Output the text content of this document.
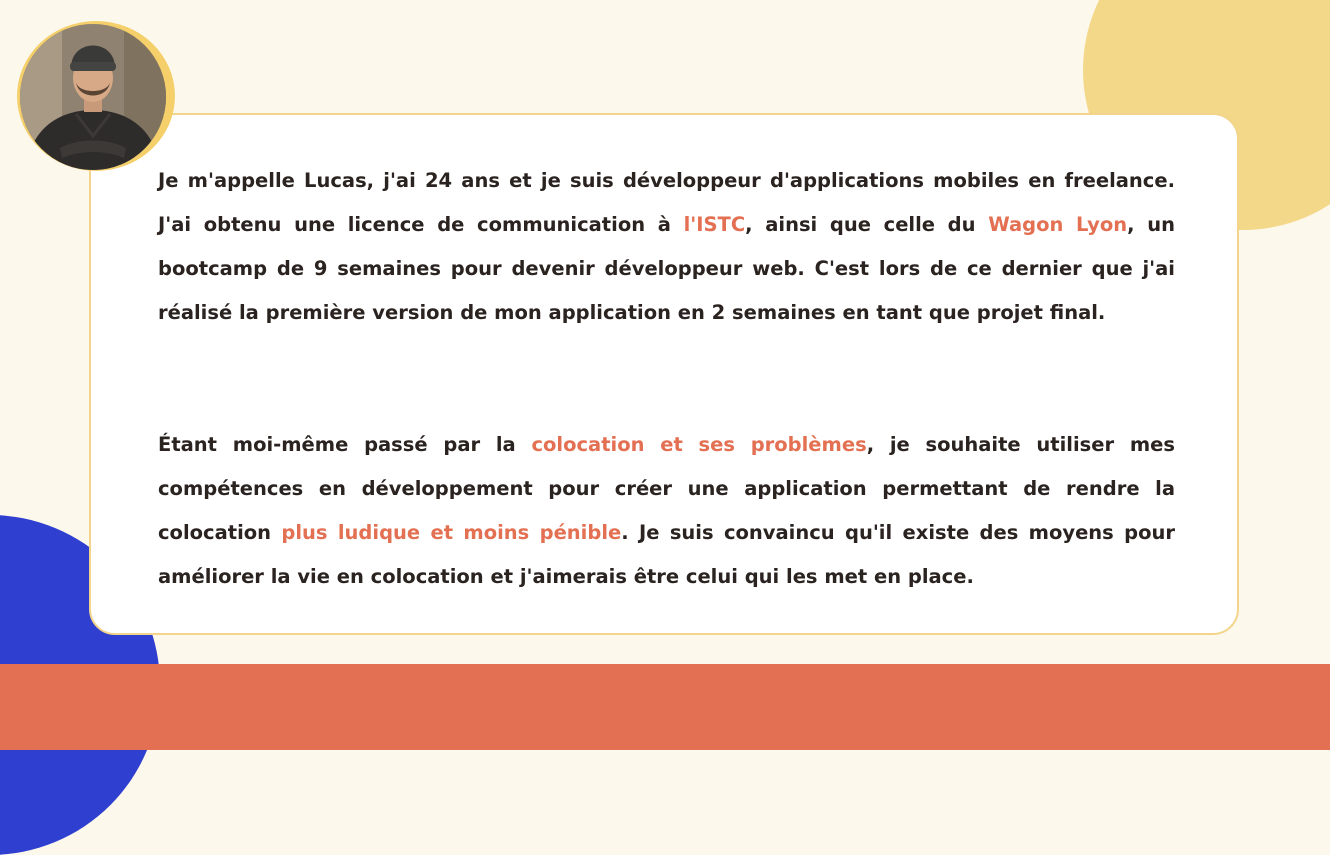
Je m'appelle Lucas, j'ai 24 ans et je suis développeur d'applications mobiles en freelance. J'ai obtenu une licence de communication à l'ISTC, ainsi que celle du Wagon Lyon, un bootcamp de 9 semaines pour devenir développeur web. C'est lors de ce dernier que j'ai réalisé la première version de mon application en 2 semaines en tant que projet final.

Étant moi-même passé par la colocation et ses problèmes, je souhaite utiliser mes compétences en développement pour créer une application permettant de rendre la colocation plus ludique et moins pénible. Je suis convaincu qu'il existe des moyens pour améliorer la vie en colocation et j'aimerais être celui qui les met en place.
